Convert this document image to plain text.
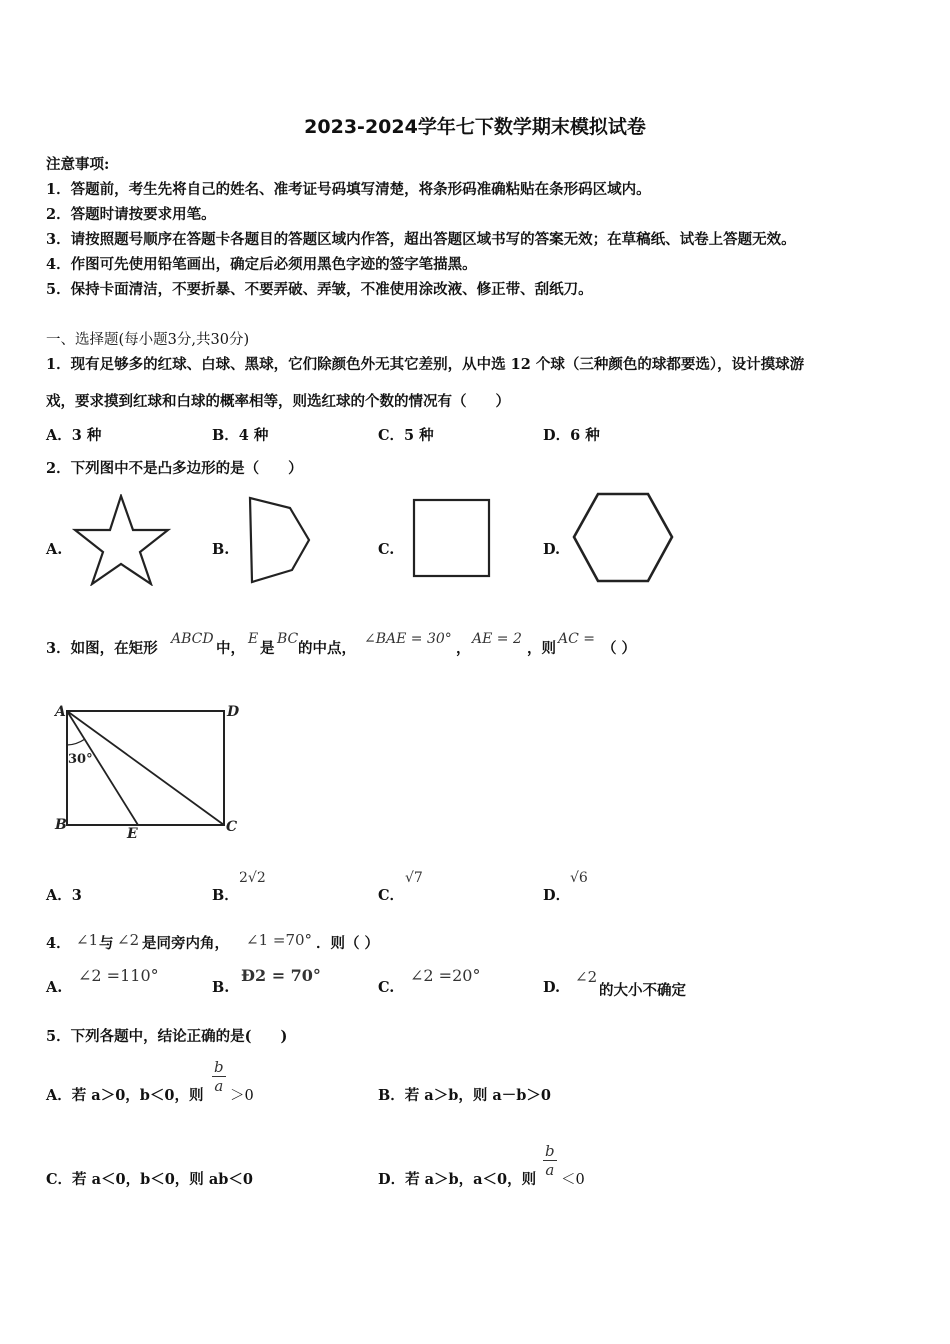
2023-2024学年七下数学期末模拟试卷
注意事项:
1．答题前，考生先将自己的姓名、准考证号码填写清楚，将条形码准确粘贴在条形码区域内。
2．答题时请按要求用笔。
3．请按照题号顺序在答题卡各题目的答题区域内作答，超出答题区域书写的答案无效；在草稿纸、试卷上答题无效。
4．作图可先使用铅笔画出，确定后必须用黑色字迹的签字笔描黑。
5．保持卡面清洁，不要折暴、不要弄破、弄皱，不准使用涂改液、修正带、刮纸刀。
一、选择题(每小题3分,共30分)
1．现有足够多的红球、白球、黑球，它们除颜色外无其它差别，从中选 12 个球（三种颜色的球都要选），设计摸球游
戏，要求摸到红球和白球的概率相等，则选红球的个数的情况有（　　）
A．3 种	B．4 种	C．5 种	D．6 种
2．下列图中不是凸多边形的是（　　）
A.	B.	C.	D.
3．如图，在矩形
ABCD
中，
E
是
BC
的中点，
∠BAE = 30°
，
AE = 2
，则
AC =
（ ）
A	D
B	C
E
30°
A．3	B．
2√2
C．
√7
D．
√6
4． ∠1 与 ∠2 是同旁内角， ∠1 =70° ．则（ ）
A.
∠2 =110°
B.
Ð2 = 70°
C.
∠2 =20°
D.
∠2
的大小不确定
5．下列各题中，结论正确的是(　　)
A．若 a＞0，b＜0，则
$\frac{b}{a}$
＞0	B．若 a＞b，则 a－b＞0
C．若 a＜0，b＜0，则 ab＜0	D．若 a＞b，a＜0，则
$\frac{b}{a}$
＜0
